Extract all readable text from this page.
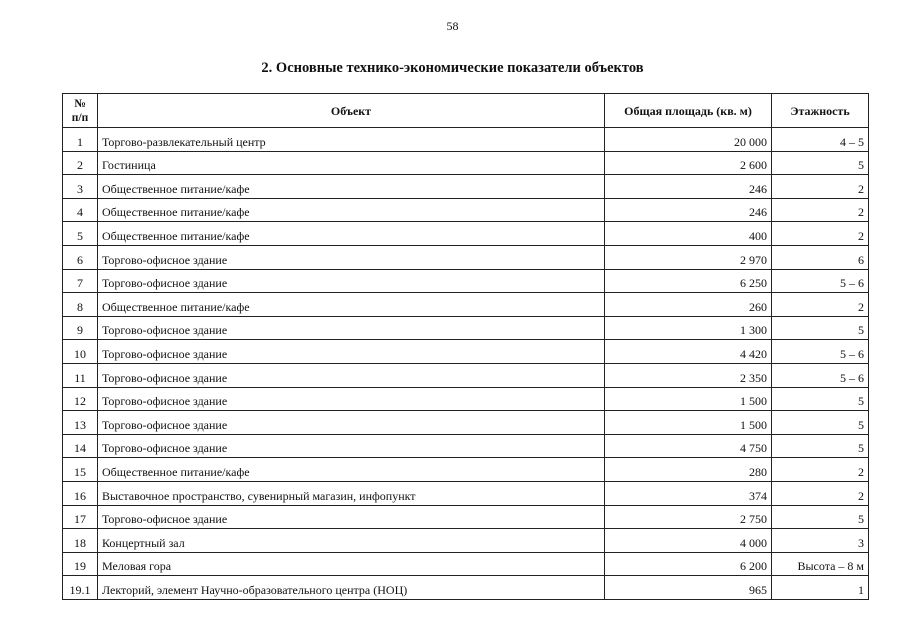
58
2. Основные технико-экономические показатели объектов
№
п/п	Объект	Общая площадь (кв. м)	Этажность
1	Торгово-развлекательный центр	20 000	4 – 5
2	Гостиница	2 600	5
3	Общественное питание/кафе	246	2
4	Общественное питание/кафе	246	2
5	Общественное питание/кафе	400	2
6	Торгово-офисное здание	2 970	6
7	Торгово-офисное здание	6 250	5 – 6
8	Общественное питание/кафе	260	2
9	Торгово-офисное здание	1 300	5
10	Торгово-офисное здание	4 420	5 – 6
11	Торгово-офисное здание	2 350	5 – 6
12	Торгово-офисное здание	1 500	5
13	Торгово-офисное здание	1 500	5
14	Торгово-офисное здание	4 750	5
15	Общественное питание/кафе	280	2
16	Выставочное пространство, сувенирный магазин, инфопункт	374	2
17	Торгово-офисное здание	2 750	5
18	Концертный зал	4 000	3
19	Меловая гора	6 200	Высота – 8 м
19.1	Лекторий, элемент Научно-образовательного центра (НОЦ)	965	1
